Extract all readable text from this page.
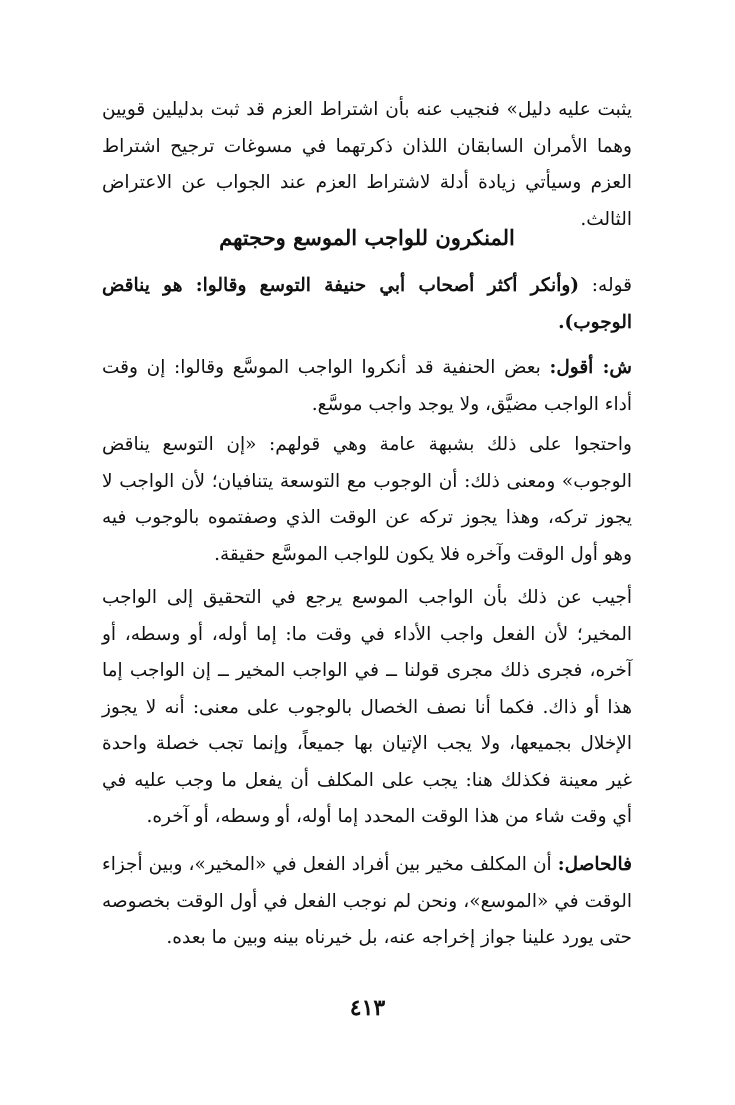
يثبت عليه دليل» فنجيب عنه بأن اشتراط العزم قد ثبت بدليلين قويين وهما الأمران السابقان اللذان ذكرتهما في مسوغات ترجيح اشتراط العزم وسيأتي زيادة أدلة لاشتراط العزم عند الجواب عن الاعتراض الثالث.

المنكرون للواجب الموسع وحجتهم

قوله: (وأنكر أكثر أصحاب أبي حنيفة التوسع وقالوا: هو يناقض الوجوب).

ش: أقول: بعض الحنفية قد أنكروا الواجب الموسَّع وقالوا: إن وقت أداء الواجب مضيَّق، ولا يوجد واجب موسَّع.

واحتجوا على ذلك بشبهة عامة وهي قولهم: «إن التوسع يناقض الوجوب» ومعنى ذلك: أن الوجوب مع التوسعة يتنافيان؛ لأن الواجب لا يجوز تركه، وهذا يجوز تركه عن الوقت الذي وصفتموه بالوجوب فيه وهو أول الوقت وآخره فلا يكون للواجب الموسَّع حقيقة.

أجيب عن ذلك بأن الواجب الموسع يرجع في التحقيق إلى الواجب المخير؛ لأن الفعل واجب الأداء في وقت ما: إما أوله، أو وسطه، أو آخره، فجرى ذلك مجرى قولنا ــ في الواجب المخير ــ إن الواجب إما هذا أو ذاك. فكما أنا نصف الخصال بالوجوب على معنى: أنه لا يجوز الإخلال بجميعها، ولا يجب الإتيان بها جميعاً، وإنما تجب خصلة واحدة غير معينة فكذلك هنا: يجب على المكلف أن يفعل ما وجب عليه في أي وقت شاء من هذا الوقت المحدد إما أوله، أو وسطه، أو آخره.

فالحاصل: أن المكلف مخير بين أفراد الفعل في «المخير»، وبين أجزاء الوقت في «الموسع»، ونحن لم نوجب الفعل في أول الوقت بخصوصه حتى يورد علينا جواز إخراجه عنه، بل خيرناه بينه وبين ما بعده.

٤١٣
